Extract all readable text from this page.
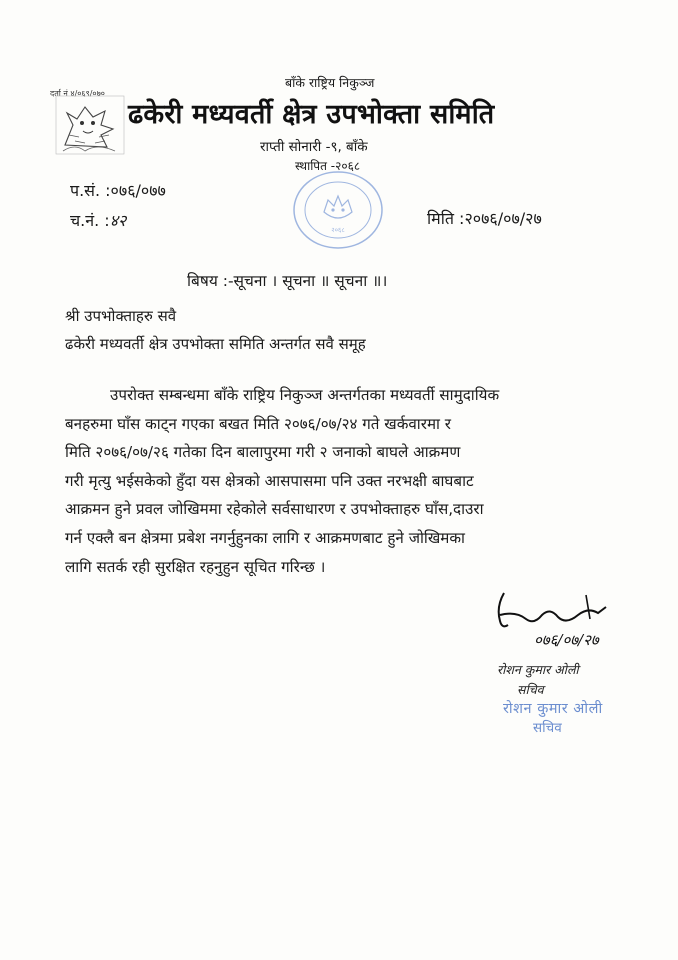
दर्ता नं ४/०६९/०७०
बाँके राष्ट्रिय निकुञ्ज
ढकेरी मध्यवर्ती क्षेत्र उपभोक्ता समिति
राप्ती सोनारी -९, बाँके
स्थापित -२०६८
२०६८
प.सं. :०७६/०७७
च.नं. :४२	मिति :२०७६/०७/२७
बिषय :-सूचना । सूचना ॥ सूचना ॥।
श्री उपभोक्ताहरु सवै
ढकेरी मध्यवर्ती क्षेत्र उपभोक्ता समिति अन्तर्गत सवै समूह
उपरोक्त सम्बन्धमा बाँके राष्ट्रिय निकुञ्ज अन्तर्गतका मध्यवर्ती सामुदायिक
बनहरुमा घाँस काट्न गएका बखत मिति २०७६/०७/२४ गते खर्कवारमा र
मिति २०७६/०७/२६ गतेका दिन बालापुरमा गरी २ जनाको बाघले आक्रमण
गरी मृत्यु भईसकेको हुँदा यस क्षेत्रको आसपासमा पनि उक्त नरभक्षी बाघबाट
आक्रमन हुने प्रवल जोखिममा रहेकोले सर्वसाधारण र उपभोक्ताहरु घाँस,दाउरा
गर्न एक्लै बन क्षेत्रमा प्रबेश नगर्नुहुनका लागि र आक्रमणबाट हुने जोखिमका
लागि सतर्क रही सुरक्षित रहनुहुन सूचित गरिन्छ ।
०७६/०७/२७
रोशन कुमार ओली
सचिव
रोशन कुमार ओली
सचिव
